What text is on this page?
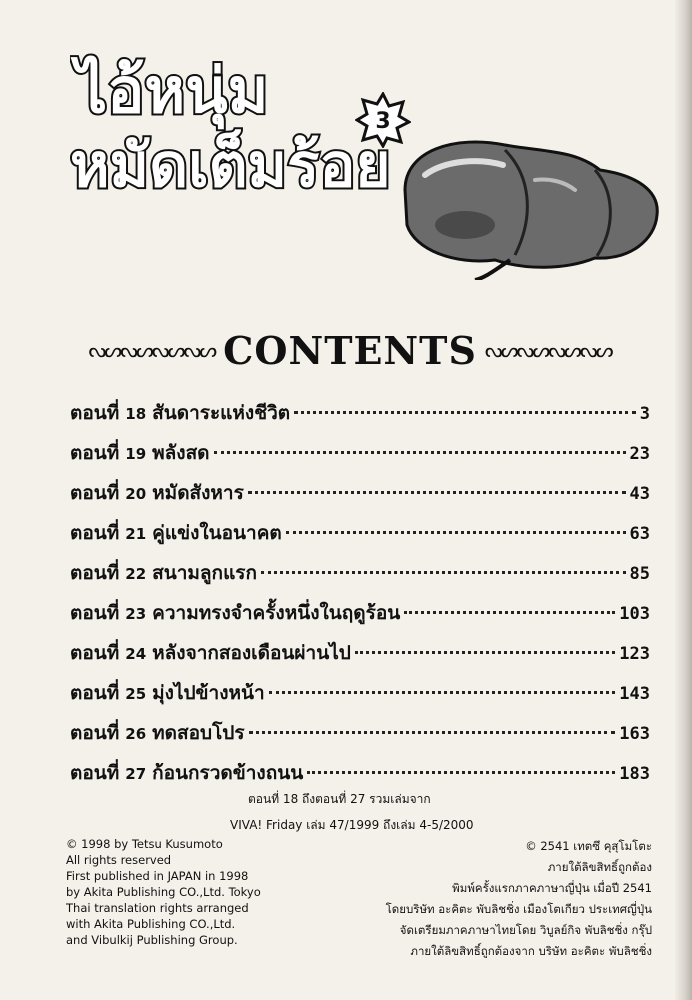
ไอ้หนุ่ม
หมัดเต็มร้อย
3
ᔓᔕᔓᔕᔓᔕᔓᔕ CONTENTS ᔓᔕᔓᔕᔓᔕᔓᔕ
ตอนที่ 18 สันดาระแห่งชีวิต	3
ตอนที่ 19 พลังสด	23
ตอนที่ 20 หมัดสังหาร	43
ตอนที่ 21 คู่แข่งในอนาคต	63
ตอนที่ 22 สนามลูกแรก	85
ตอนที่ 23 ความทรงจำครั้งหนึ่งในฤดูร้อน	103
ตอนที่ 24 หลังจากสองเดือนผ่านไป	123
ตอนที่ 25 มุ่งไปข้างหน้า	143
ตอนที่ 26 ทดสอบโปร	163
ตอนที่ 27 ก้อนกรวดข้างถนน	183
ตอนที่ 18 ถึงตอนที่ 27 รวมเล่มจาก
VIVA! Friday เล่ม 47/1999 ถึงเล่ม 4-5/2000
© 1998 by Tetsu Kusumoto
All rights reserved
First published in JAPAN in 1998
by Akita Publishing CO.,Ltd. Tokyo
Thai translation rights arranged
with Akita Publishing CO.,Ltd.
and Vibulkij Publishing Group.
© 2541 เทตซึ คุสุโมโตะ
ภายใต้ลิขสิทธิ์ถูกต้อง
พิมพ์ครั้งแรกภาคภาษาญี่ปุ่น เมื่อปี 2541
โดยบริษัท อะคิตะ พับลิชชิ่ง เมืองโตเกียว ประเทศญี่ปุ่น
จัดเตรียมภาคภาษาไทยโดย วิบูลย์กิจ พับลิชชิ่ง กรุ๊ป
ภายใต้ลิขสิทธิ์ถูกต้องจาก บริษัท อะคิตะ พับลิชชิ่ง
